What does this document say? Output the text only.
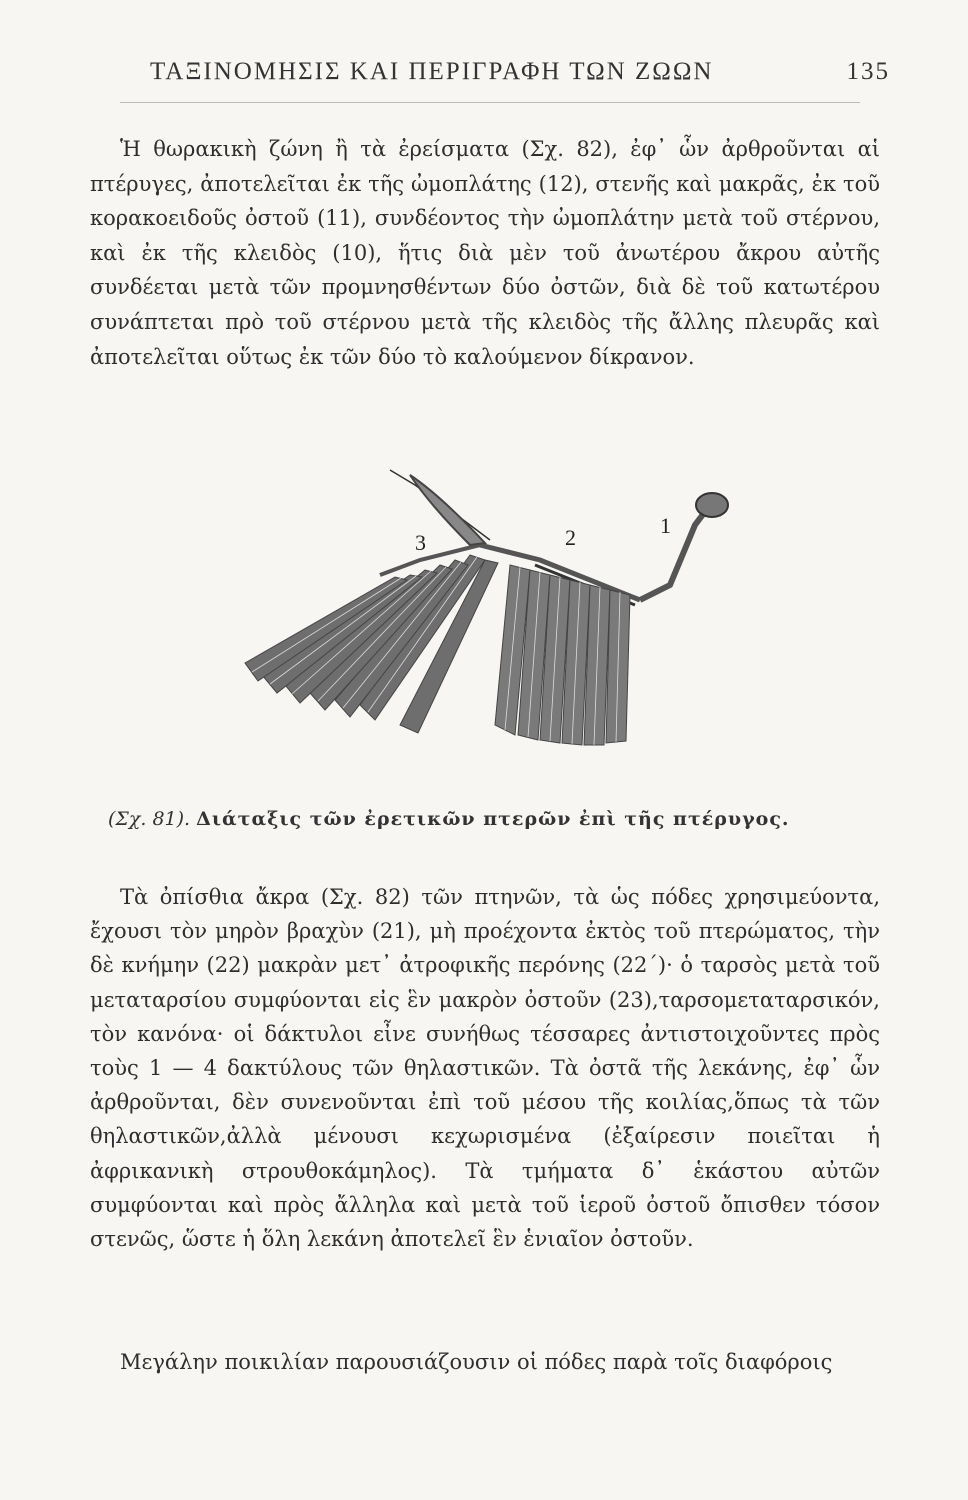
ΤΑΞΙΝΟΜΗΣΙΣ ΚΑΙ ΠΕΡΙΓΡΑΦΗ ΤΩΝ ΖΩΩΝ	135

Ἡ θωρακικὴ ζώνη ἢ τὰ ἐρείσματα (Σχ. 82), ἐφ᾽ ὧν ἀρθροῦνται αἱ πτέρυγες, ἀποτελεῖται ἐκ τῆς ὠμοπλάτης (12), στενῆς καὶ μακρᾶς, ἐκ τοῦ κορακοειδοῦς ὀστοῦ (11), συνδέοντος τὴν ὠμοπλάτην μετὰ τοῦ στέρνου, καὶ ἐκ τῆς κλειδὸς (10), ἥτις διὰ μὲν τοῦ ἀνωτέρου ἄκρου αὐτῆς συνδέεται μετὰ τῶν προμνησθέντων δύο ὀστῶν, διὰ δὲ τοῦ κατωτέρου συνάπτεται πρὸ τοῦ στέρνου μετὰ τῆς κλειδὸς τῆς ἄλλης πλευρᾶς καὶ ἀποτελεῖται οὕτως ἐκ τῶν δύο τὸ καλούμενον δίκρανον.

1
2
3
(Σχ. 81). Διάταξις τῶν ἐρετικῶν πτερῶν ἐπὶ τῆς πτέρυγος.

Τὰ ὀπίσθια ἄκρα (Σχ. 82) τῶν πτηνῶν, τὰ ὡς πόδες χρησιμεύοντα, ἔχουσι τὸν μηρὸν βραχὺν (21), μὴ προέχοντα ἐκτὸς τοῦ πτερώματος, τὴν δὲ κνήμην (22) μακρὰν μετ᾽ ἀτροφικῆς περόνης (22΄)· ὁ ταρσὸς μετὰ τοῦ μεταταρσίου συμφύονται εἰς ἓν μακρὸν ὀστοῦν (23),ταρσομεταταρσικόν, τὸν κανόνα· οἱ δάκτυλοι εἶνε συνήθως τέσσαρες ἀντιστοιχοῦντες πρὸς τοὺς 1 — 4 δακτύλους τῶν θηλαστικῶν. Τὰ ὀστᾶ τῆς λεκάνης, ἐφ᾽ ὧν ἀρθροῦνται, δὲν συνενοῦνται ἐπὶ τοῦ μέσου τῆς κοιλίας,ὅπως τὰ τῶν θηλαστικῶν,ἀλλὰ μένουσι κεχωρισμένα (ἐξαίρεσιν ποιεῖται ἡ ἀφρικανικὴ στρουθοκάμηλος). Τὰ τμήματα δ᾽ ἑκάστου αὐτῶν συμφύονται καὶ πρὸς ἄλληλα καὶ μετὰ τοῦ ἱεροῦ ὀστοῦ ὄπισθεν τόσον στενῶς, ὥστε ἡ ὅλη λεκάνη ἀποτελεῖ ἓν ἑνιαῖον ὀστοῦν.

Μεγάλην ποικιλίαν παρουσιάζουσιν οἱ πόδες παρὰ τοῖς διαφόροις
